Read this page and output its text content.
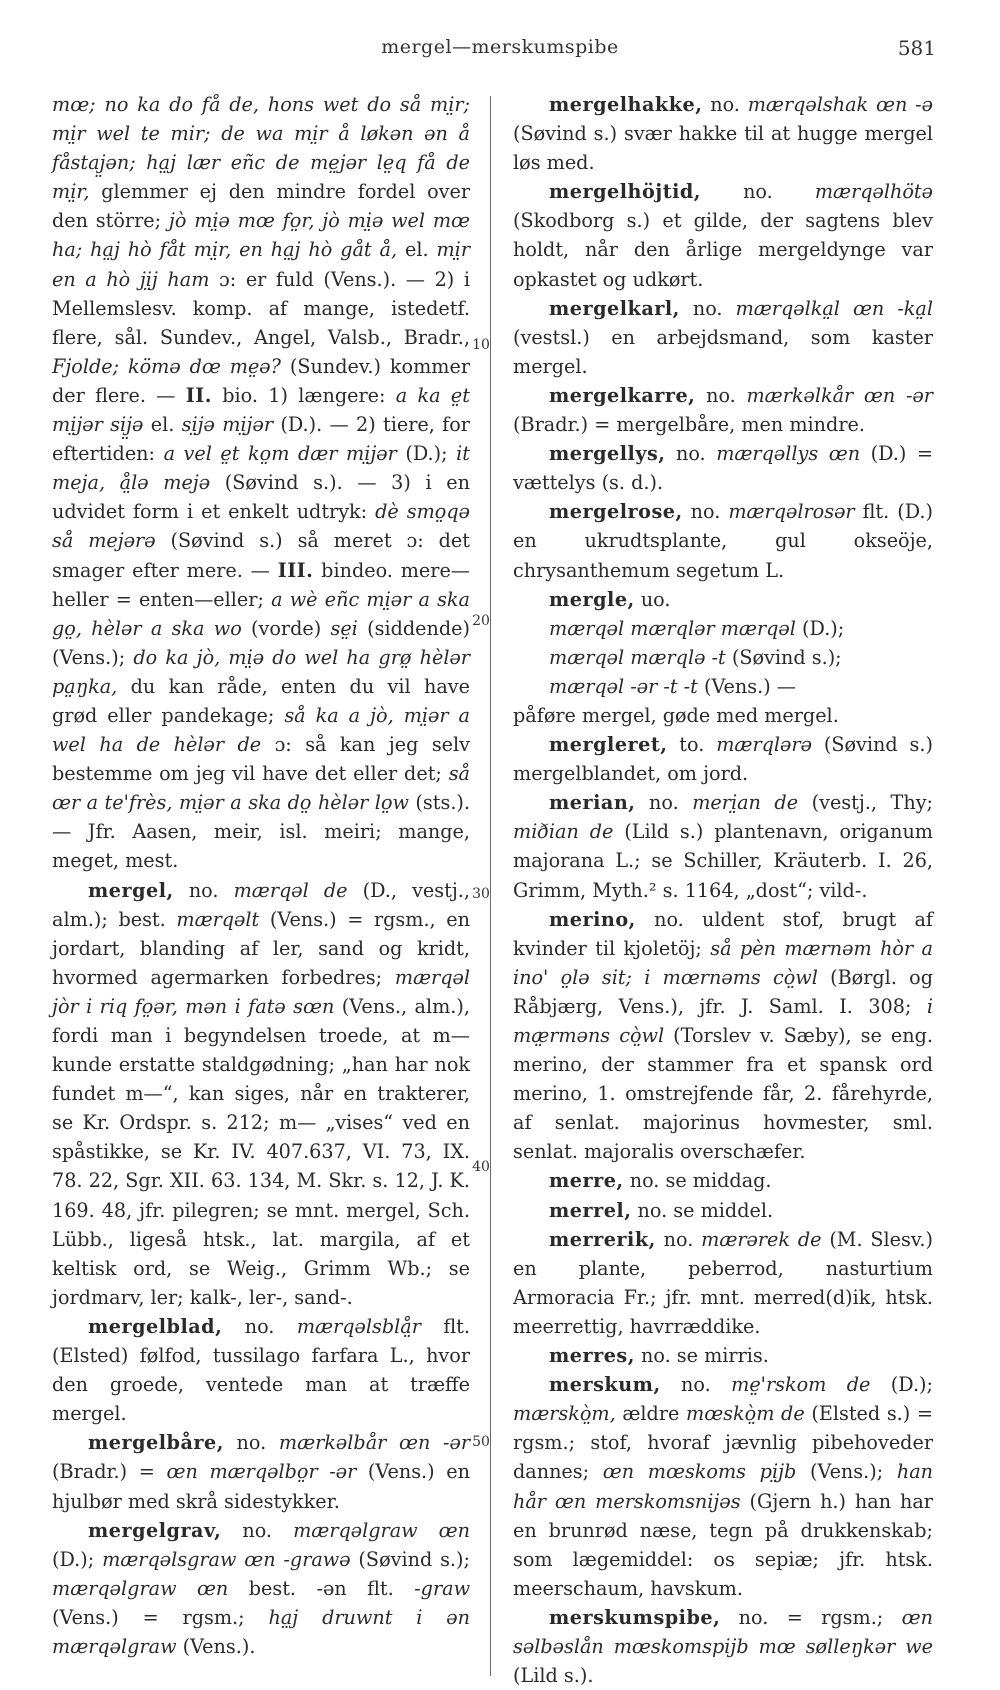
mergel—merskumspibe	581
10
20
30
40
50

mœ; no ka do få de, hons wet do så mi̤r; mi̤r wel te mir; de wa mi̤r å løkən ən å fåstaj̤ən; ha̤j lær eñc de me̤jər le̤q få de mi̤r, glemmer ej den mindre fordel over den större; jò mi̤ə mœ fo̤r, jò mi̤ə wel mœ ha; ha̤j hò fåt mi̤r, en ha̤j hò gåt å, el. mi̤r en a hò ji̤j ham ɔ: er fuld (Vens.). — 2) i Mellemslesv. komp. af mange, istedetf. flere, sål. Sundev., Angel, Valsb., Bradr., Fjolde; kömə dœ me̤ə? (Sundev.) kommer der flere. — II. bio. 1) længere: a ka e̤t mi̤jər sij̤ə el. si̤jə mi̤jər (D.). — 2) tiere, for eftertiden: a vel e̤t ko̤m dær mi̤jər (D.); it meja, å̤lə mejə (Søvind s.). — 3) i en udvidet form i et enkelt udtryk: dè smo̤qə så mejərə (Søvind s.) så meret ɔ: det smager efter mere. — III. bindeo. mere—heller = enten—eller; a wè eñc mi̤ər a ska go̤, hèlər a ska wo (vorde) se̤i (siddende) (Vens.); do ka jò, mi̤ə do wel ha grø̤ hèlər pa̤ŋka, du kan råde, enten du vil have grød eller pandekage; så ka a jò, mi̤ər a wel ha de hèlər de ɔ: så kan jeg selv bestemme om jeg vil have det eller det; så œr a te'frès, mi̤ər a ska do̤ hèlər lo̤w (sts.). — Jfr. Aasen, meir, isl. meiri; mange, meget, mest.

mergel, no. mærqəl de (D., vestj., alm.); best. mærqəlt (Vens.) = rgsm., en jordart, blanding af ler, sand og kridt, hvormed agermarken forbedres; mærqəl jòr i riq fo̤ər, mən i fatə sœn (Vens., alm.), fordi man i begyndelsen troede, at m— kunde erstatte staldgødning; „han har nok fundet m—“, kan siges, når en trakterer, se Kr. Ordspr. s. 212; m— „vises“ ved en spåstikke, se Kr. IV. 407.637, VI. 73, IX. 78. 22, Sgr. XII. 63. 134, M. Skr. s. 12, J. K. 169. 48, jfr. pilegren; se mnt. mergel, Sch. Lübb., ligeså htsk., lat. margila, af et keltisk ord, se Weig., Grimm Wb.; se jordmarv, ler; kalk-, ler-, sand-.

mergelblad, no. mærqəlsblå̤r flt. (Elsted) følfod, tussilago farfara L., hvor den groede, ventede man at træffe mergel.

mergelbåre, no. mærkəlbår œn -ər (Bradr.) = œn mærqəlbo̤r -ər (Vens.) en hjulbør med skrå sidestykker.

mergelgrav, no. mærqəlgraw œn (D.); mærqəlsgraw œn -grawə (Søvind s.); mærqəlgraw œn best. -ən flt. -graw (Vens.) = rgsm.; ha̤j druwnt i ən mærqəlgraw (Vens.).

mergelhakke, no. mærqəlshak œn -ə (Søvind s.) svær hakke til at hugge mergel løs med.

mergelhöjtid, no. mærqəlhötə (Skodborg s.) et gilde, der sagtens blev holdt, når den årlige mergeldynge var opkastet og udkørt.

mergelkarl, no. mærqəlka̤l œn -ka̤l (vestsl.) en arbejdsmand, som kaster mergel.

mergelkarre, no. mærkəlkår œn -ər (Bradr.) = mergelbåre, men mindre.

mergellys, no. mærqəllys œn (D.) = vættelys (s. d.).

mergelrose, no. mærqəlrosər flt. (D.) en ukrudtsplante, gul okseöje, chrysanthemum segetum L.

mergle, uo.

mærqəl mærqlər mærqəl (D.);

mærqəl mærqlə -t (Søvind s.);

mærqəl -ər -t -t (Vens.) —

påføre mergel, gøde med mergel.

mergleret, to. mærqlərə (Søvind s.) mergelblandet, om jord.

merian, no. meri̤an de (vestj., Thy; miðian de (Lild s.) plantenavn, origanum majorana L.; se Schiller, Kräuterb. I. 26, Grimm, Myth.² s. 1164, „dost“; vild-.

merino, no. uldent stof, brugt af kvinder til kjoletöj; så pèn mærnəm hòr a ino' o̤lə sit; i mœrnəms cò̤wl (Børgl. og Råbjærg, Vens.), jfr. J. Saml. I. 308; i mæ̤rməns cò̤wl (Torslev v. Sæby), se eng. merino, der stammer fra et spansk ord merino, 1. omstrejfende får, 2. fårehyrde, af senlat. majorinus hovmester, sml. senlat. majoralis overschæfer.

merre, no. se middag.

merrel, no. se middel.

merrerik, no. mærərek de (M. Slesv.) en plante, peberrod, nasturtium Armoracia Fr.; jfr. mnt. merred(d)ik, htsk. meerrettig, havrræddike.

merres, no. se mirris.

merskum, no. me̤'rskom de (D.); mærskò̤m, ældre mœskò̤m de (Elsted s.) = rgsm.; stof, hvoraf jævnlig pibehoveder dannes; œn mœskoms pi̤jb (Vens.); han hår œn merskomsnijəs (Gjern h.) han har en brunrød næse, tegn på drukkenskab; som lægemiddel: os sepiæ; jfr. htsk. meerschaum, havskum.

merskumspibe, no. = rgsm.; œn səlbəslån mœskomspijb mœ sølleŋkər we (Lild s.).
